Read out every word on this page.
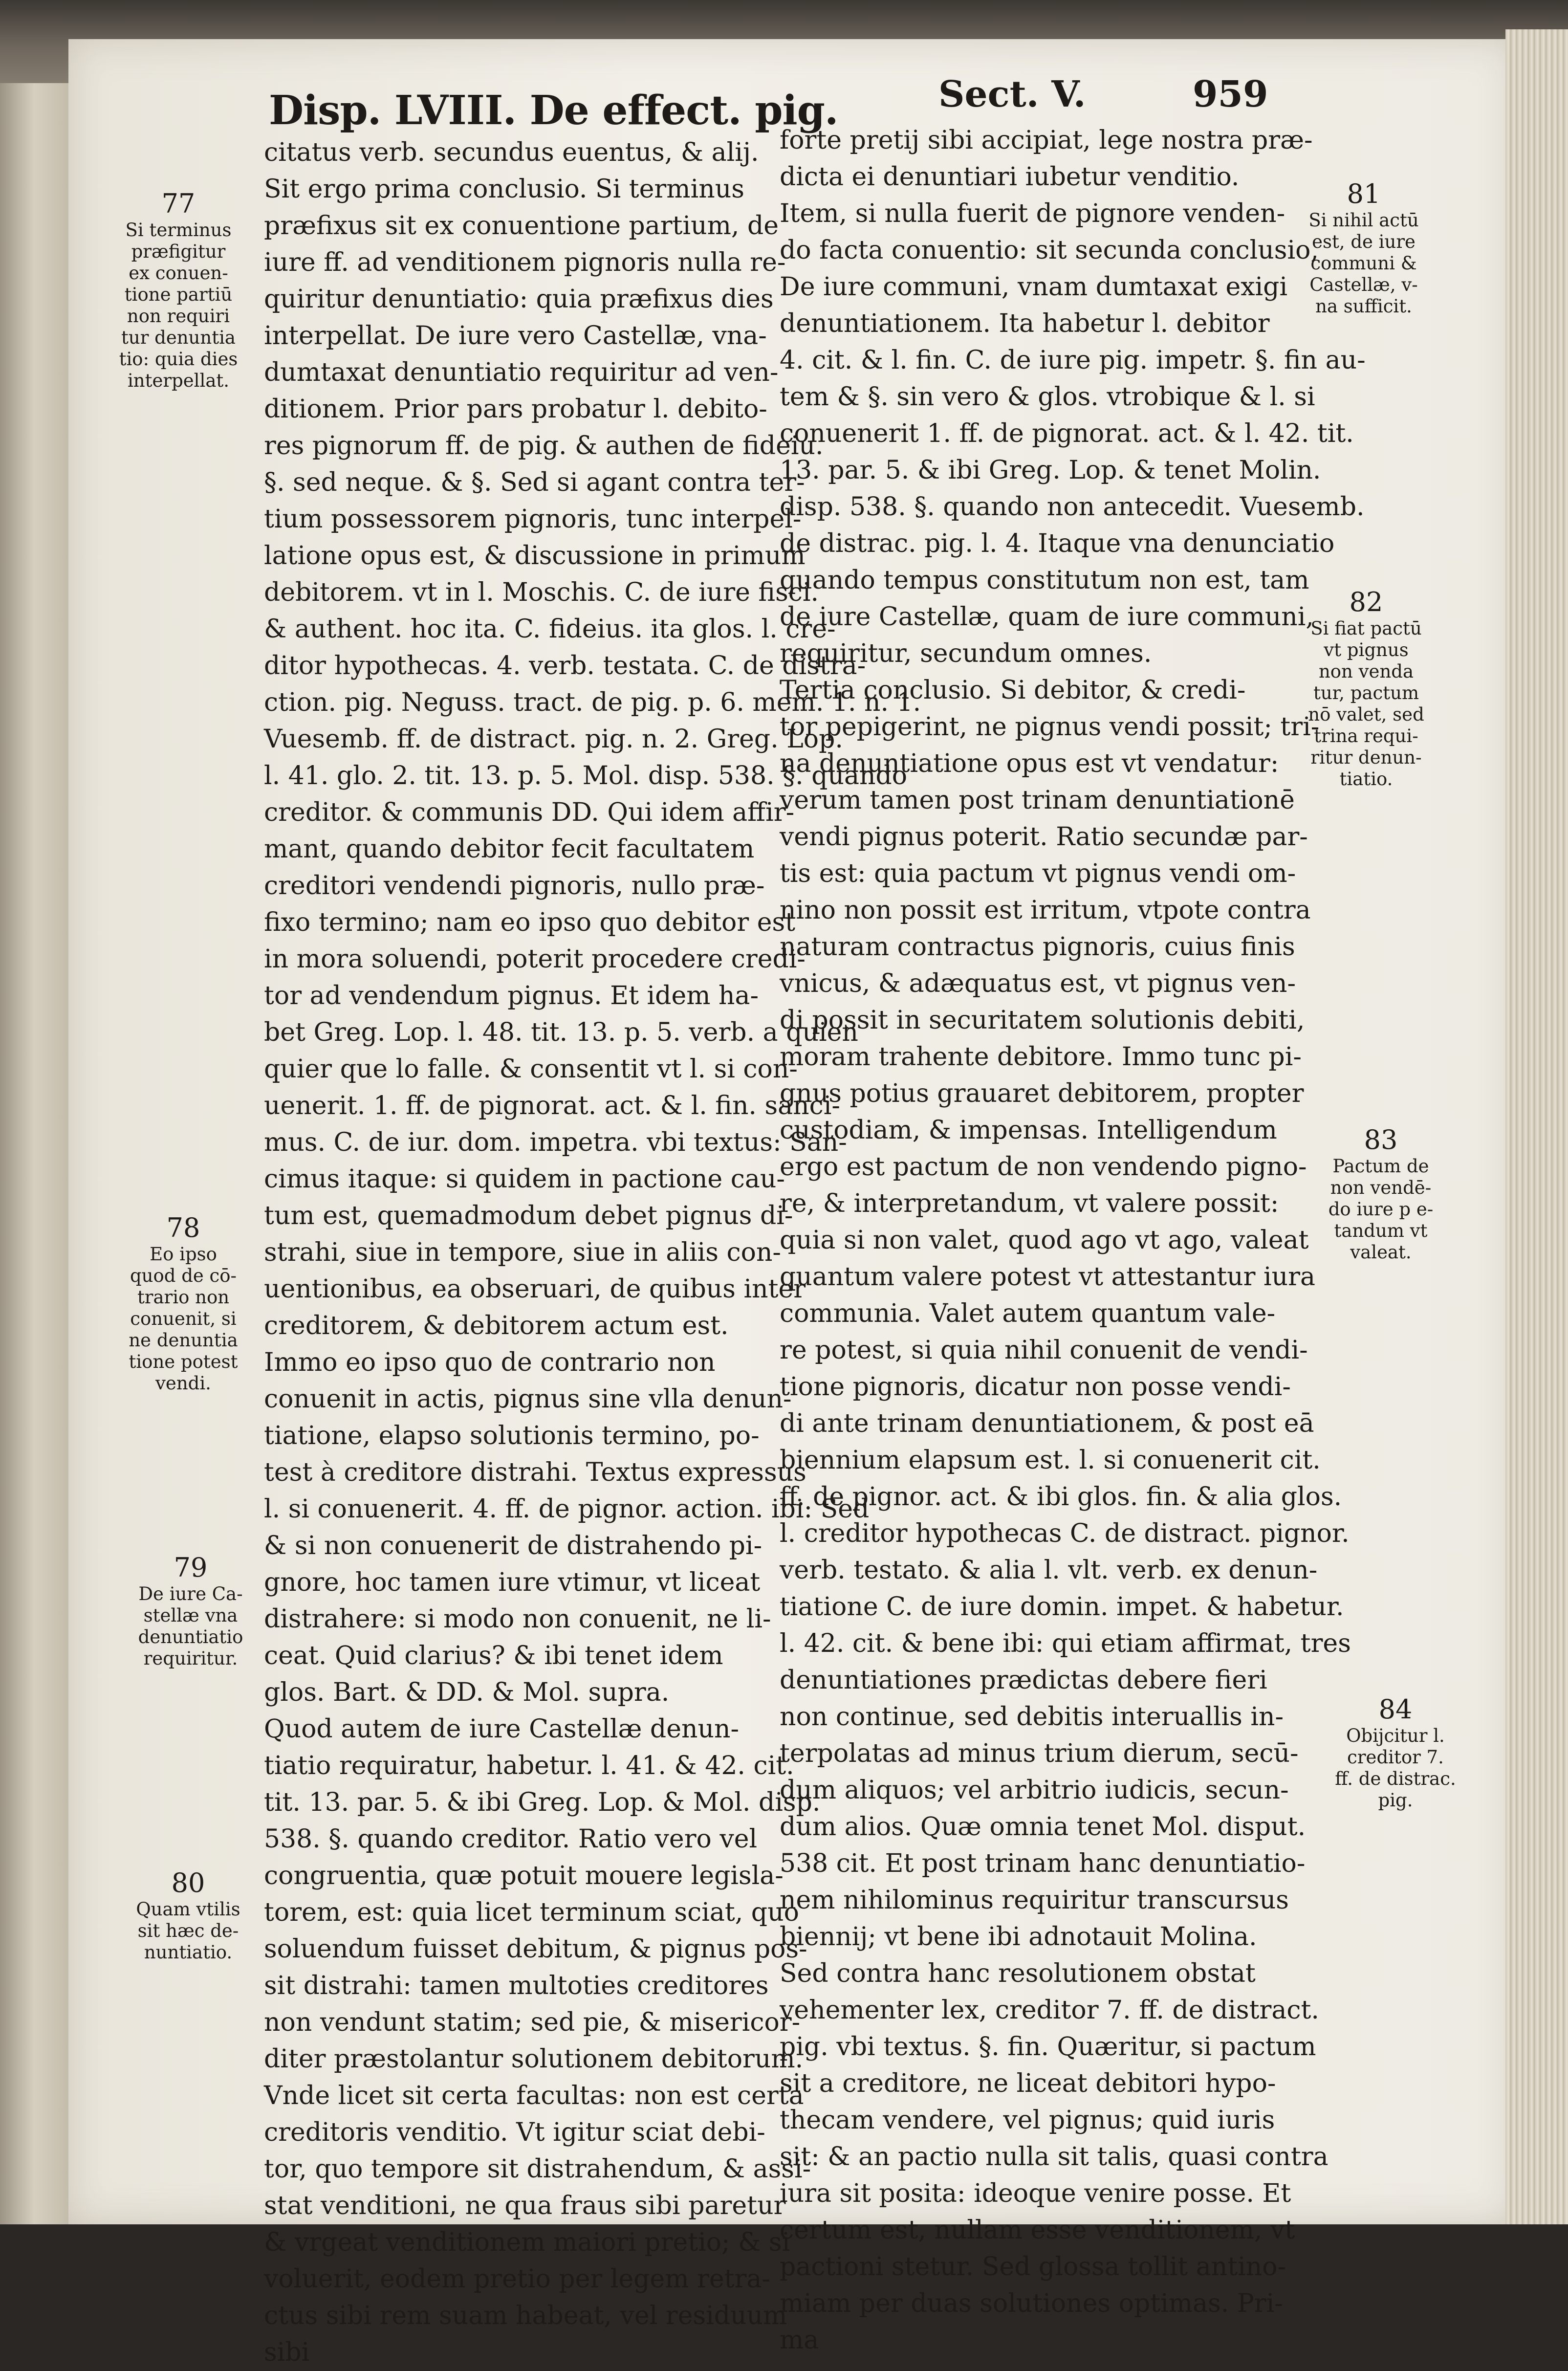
Disp. LVIII. De effect. pig.	Sect. V.	959

citatus verb. secundus euentus, & alij.

Sit ergo prima conclusio. Si terminus

præfixus sit ex conuentione partium, de

iure ff. ad venditionem pignoris nulla re-

quiritur denuntiatio: quia præfixus dies

interpellat. De iure vero Castellæ, vna-

dumtaxat denuntiatio requiritur ad ven-

ditionem. Prior pars probatur l. debito-

res pignorum ff. de pig. & authen de fideiu.

§. sed neque. & §. Sed si agant contra ter-

tium possessorem pignoris, tunc interpel-

latione opus est, & discussione in primum

debitorem. vt in l. Moschis. C. de iure fisci.

& authent. hoc ita. C. fideius. ita glos. l. cre-

ditor hypothecas. 4. verb. testata. C. de distra-

ction. pig. Neguss. tract. de pig. p. 6. mem. 1. n. 1.

Vuesemb. ff. de distract. pig. n. 2. Greg. Lop.

l. 41. glo. 2. tit. 13. p. 5. Mol. disp. 538. §. quando

creditor. & communis DD. Qui idem affir-

mant, quando debitor fecit facultatem

creditori vendendi pignoris, nullo præ-

fixo termino; nam eo ipso quo debitor est

in mora soluendi, poterit procedere credi-

tor ad vendendum pignus. Et idem ha-

bet Greg. Lop. l. 48. tit. 13. p. 5. verb. a quien

quier que lo falle. & consentit vt l. si con-

uenerit. 1. ff. de pignorat. act. & l. fin. sanci-

mus. C. de iur. dom. impetra. vbi textus: San-

cimus itaque: si quidem in pactione cau-

tum est, quemadmodum debet pignus di-

strahi, siue in tempore, siue in aliis con-

uentionibus, ea obseruari, de quibus inter

creditorem, & debitorem actum est.

Immo eo ipso quo de contrario non

conuenit in actis, pignus sine vlla denun-

tiatione, elapso solutionis termino, po-

test à creditore distrahi. Textus expressus

l. si conuenerit. 4. ff. de pignor. action. ibi: Sed

& si non conuenerit de distrahendo pi-

gnore, hoc tamen iure vtimur, vt liceat

distrahere: si modo non conuenit, ne li-

ceat. Quid clarius? & ibi tenet idem

glos. Bart. & DD. & Mol. supra.

Quod autem de iure Castellæ denun-

tiatio requiratur, habetur. l. 41. & 42. cit.

tit. 13. par. 5. & ibi Greg. Lop. & Mol. disp.

538. §. quando creditor. Ratio vero vel

congruentia, quæ potuit mouere legisla-

torem, est: quia licet terminum sciat, quo

soluendum fuisset debitum, & pignus pos-

sit distrahi: tamen multoties creditores

non vendunt statim; sed pie, & misericor-

diter præstolantur solutionem debitorum.

Vnde licet sit certa facultas: non est certa

creditoris venditio. Vt igitur sciat debi-

tor, quo tempore sit distrahendum, & assi-

stat venditioni, ne qua fraus sibi paretur

& vrgeat venditionem maiori pretio; & si

voluerit, eodem pretio per legem retra-

ctus sibi rem suam habeat, vel residuum

sibi

forte pretij sibi accipiat, lege nostra præ-

dicta ei denuntiari iubetur venditio.

Item, si nulla fuerit de pignore venden-

do facta conuentio: sit secunda conclusio,

De iure communi, vnam dumtaxat exigi

denuntiationem. Ita habetur l. debitor

4. cit. & l. fin. C. de iure pig. impetr. §. fin au-

tem & §. sin vero & glos. vtrobique & l. si

conuenerit 1. ff. de pignorat. act. & l. 42. tit.

13. par. 5. & ibi Greg. Lop. & tenet Molin.

disp. 538. §. quando non antecedit. Vuesemb.

de distrac. pig. l. 4. Itaque vna denunciatio

quando tempus constitutum non est, tam

de iure Castellæ, quam de iure communi,

requiritur, secundum omnes.

Tertia conclusio. Si debitor, & credi-

tor pepigerint, ne pignus vendi possit; tri-

na denuntiatione opus est vt vendatur:

verum tamen post trinam denuntiationē

vendi pignus poterit. Ratio secundæ par-

tis est: quia pactum vt pignus vendi om-

nino non possit est irritum, vtpote contra

naturam contractus pignoris, cuius finis

vnicus, & adæquatus est, vt pignus ven-

di possit in securitatem solutionis debiti,

moram trahente debitore. Immo tunc pi-

gnus potius grauaret debitorem, propter

custodiam, & impensas. Intelligendum

ergo est pactum de non vendendo pigno-

re, & interpretandum, vt valere possit:

quia si non valet, quod ago vt ago, valeat

quantum valere potest vt attestantur iura

communia. Valet autem quantum vale-

re potest, si quia nihil conuenit de vendi-

tione pignoris, dicatur non posse vendi-

di ante trinam denuntiationem, & post eā

biennium elapsum est. l. si conuenerit cit.

ff. de pignor. act. & ibi glos. fin. & alia glos.

l. creditor hypothecas C. de distract. pignor.

verb. testato. & alia l. vlt. verb. ex denun-

tiatione C. de iure domin. impet. & habetur.

l. 42. cit. & bene ibi: qui etiam affirmat, tres

denuntiationes prædictas debere fieri

non continue, sed debitis interuallis in-

terpolatas ad minus trium dierum, secū-

dum aliquos; vel arbitrio iudicis, secun-

dum alios. Quæ omnia tenet Mol. disput.

538 cit. Et post trinam hanc denuntiatio-

nem nihilominus requiritur transcursus

biennij; vt bene ibi adnotauit Molina.

Sed contra hanc resolutionem obstat

vehementer lex, creditor 7. ff. de distract.

pig. vbi textus. §. fin. Quæritur, si pactum

sit a creditore, ne liceat debitori hypo-

thecam vendere, vel pignus; quid iuris

sit: & an pactio nulla sit talis, quasi contra

iura sit posita: ideoque venire posse. Et

certum est, nullam esse venditionem, vt

pactioni stetur. Sed glossa tollit antino-

miam per duas solutiones optimas. Pri-

ma

77

Si terminus

præfigitur

ex conuen-

tione partiū

non requiri

tur denuntia

tio: quia dies

interpellat.

78

Eo ipso

quod de cō-

trario non

conuenit, si

ne denuntia

tione potest

vendi.

79

De iure Ca-

stellæ vna

denuntiatio

requiritur.

80

Quam vtilis

sit hæc de-

nuntiatio.

81

Si nihil actū

est, de iure

communi &

Castellæ, v-

na sufficit.

82

Si fiat pactū

vt pignus

non venda

tur, pactum

nō valet, sed

trina requi-

ritur denun-

tiatio.

83

Pactum de

non vendē-

do iure p e-

tandum vt

valeat.

84

Obijcitur l.

creditor 7.

ff. de distrac.

pig.
